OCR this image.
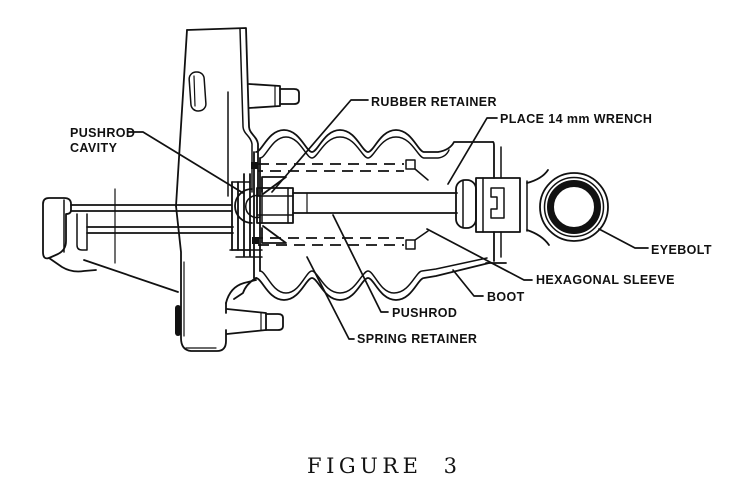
PUSHROD
CAVITY
RUBBER RETAINER
PLACE 14 mm WRENCH
EYEBOLT
HEXAGONAL SLEEVE
BOOT
PUSHROD
SPRING RETAINER
FIGURE 3
